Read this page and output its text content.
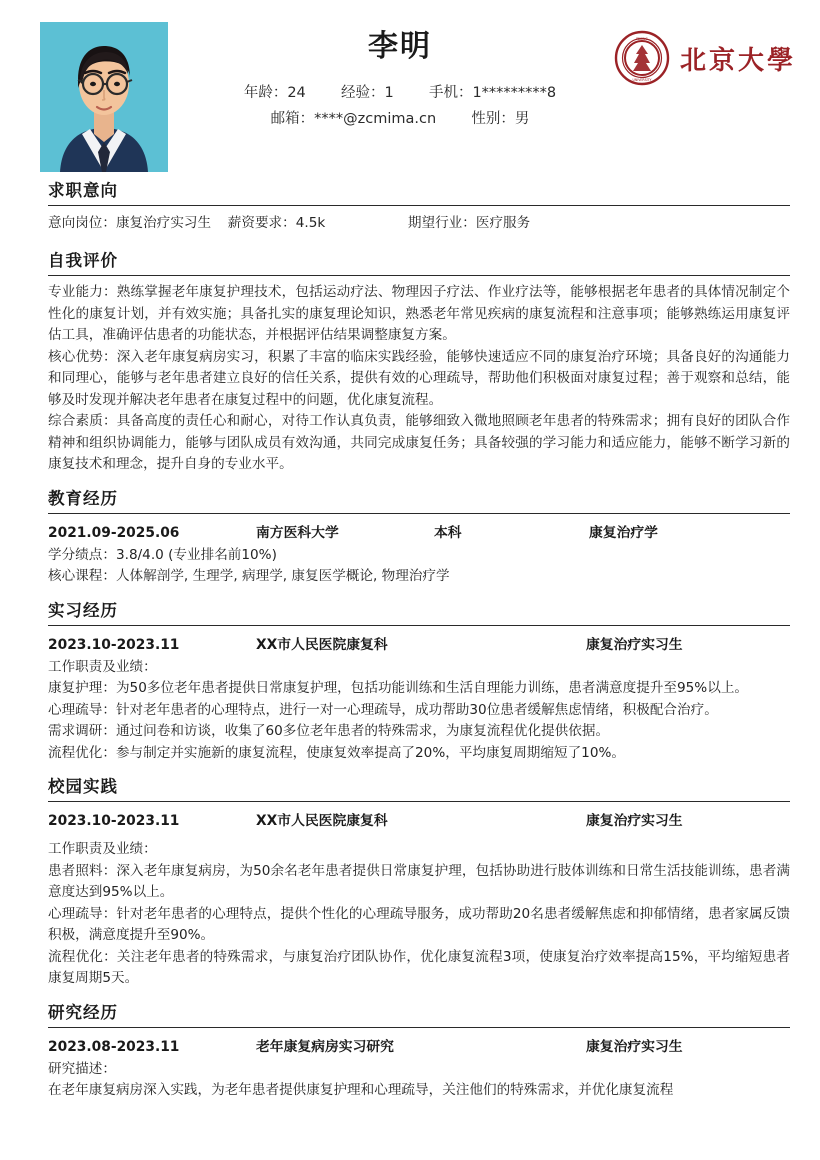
李明
年龄：24 经验：1 手机：1*********8
邮箱：****@zcmima.cn 性别：男
PEKING
UNIVERSITY
北京大學
求职意向
意向岗位：康复治疗实习生 薪资要求：4.5k	期望行业：医疗服务
自我评价

专业能力：熟练掌握老年康复护理技术，包括运动疗法、物理因子疗法、作业疗法等，能够根据老年患者的具体情况制定个性化的康复计划，并有效实施；具备扎实的康复理论知识，熟悉老年常见疾病的康复流程和注意事项；能够熟练运用康复评估工具，准确评估患者的功能状态，并根据评估结果调整康复方案。

核心优势：深入老年康复病房实习，积累了丰富的临床实践经验，能够快速适应不同的康复治疗环境；具备良好的沟通能力和同理心，能够与老年患者建立良好的信任关系，提供有效的心理疏导，帮助他们积极面对康复过程；善于观察和总结，能够及时发现并解决老年患者在康复过程中的问题，优化康复流程。

综合素质：具备高度的责任心和耐心，对待工作认真负责，能够细致入微地照顾老年患者的特殊需求；拥有良好的团队合作精神和组织协调能力，能够与团队成员有效沟通，共同完成康复任务；具备较强的学习能力和适应能力，能够不断学习新的康复技术和理念，提升自身的专业水平。

教育经历
2021.09-2025.06	南方医科大学	本科	康复治疗学

学分绩点：3.8/4.0 (专业排名前10%)

核心课程：人体解剖学, 生理学, 病理学, 康复医学概论, 物理治疗学

实习经历
2023.10-2023.11	XX市人民医院康复科	康复治疗实习生

工作职责及业绩：

康复护理：为50多位老年患者提供日常康复护理，包括功能训练和生活自理能力训练，患者满意度提升至95%以上。

心理疏导：针对老年患者的心理特点，进行一对一心理疏导，成功帮助30位患者缓解焦虑情绪，积极配合治疗。

需求调研：通过问卷和访谈，收集了60多位老年患者的特殊需求，为康复流程优化提供依据。

流程优化：参与制定并实施新的康复流程，使康复效率提高了20%，平均康复周期缩短了10%。

校园实践
2023.10-2023.11	XX市人民医院康复科	康复治疗实习生

工作职责及业绩：

患者照料：深入老年康复病房，为50余名老年患者提供日常康复护理，包括协助进行肢体训练和日常生活技能训练，患者满意度达到95%以上。

心理疏导：针对老年患者的心理特点，提供个性化的心理疏导服务，成功帮助20名患者缓解焦虑和抑郁情绪，患者家属反馈积极，满意度提升至90%。

流程优化：关注老年患者的特殊需求，与康复治疗团队协作，优化康复流程3项，使康复治疗效率提高15%，平均缩短患者康复周期5天。

研究经历
2023.08-2023.11	老年康复病房实习研究	康复治疗实习生

研究描述：

在老年康复病房深入实践，为老年患者提供康复护理和心理疏导，关注他们的特殊需求，并优化康复流程
